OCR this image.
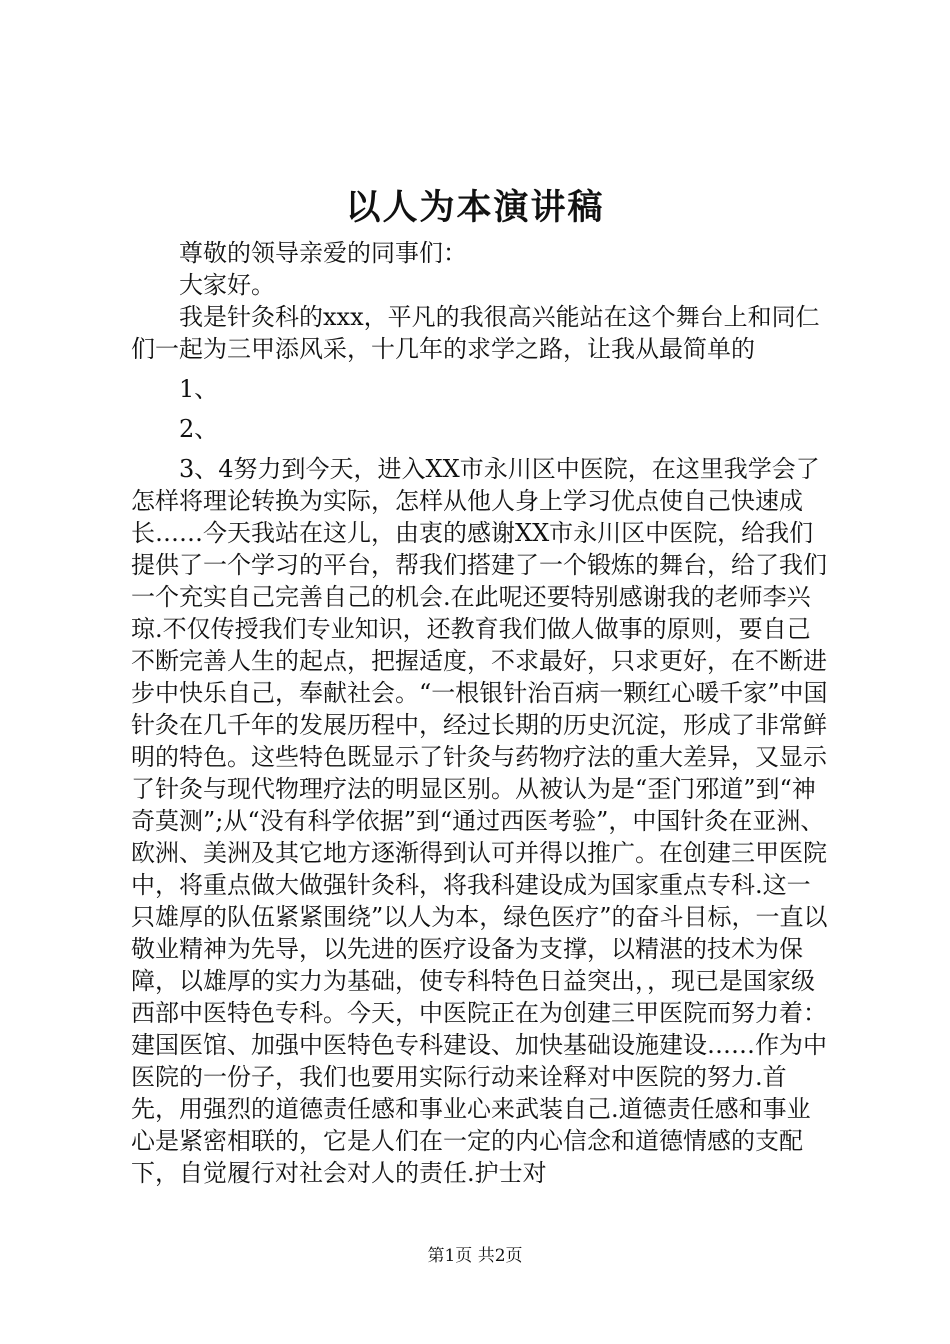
以人为本演讲稿

尊敬的领导亲爱的同事们：

大家好。

我是针灸科的xxx，平凡的我很高兴能站在这个舞台上和同仁们一起为三甲添风采，十几年的求学之路，让我从最简单的

1、

2、

3、4努力到今天，进入XX市永川区中医院，在这里我学会了怎样将理论转换为实际，怎样从他人身上学习优点使自己快速成长……今天我站在这儿，由衷的感谢XX市永川区中医院，给我们提供了一个学习的平台，帮我们搭建了一个锻炼的舞台，给了我们一个充实自己完善自己的机会.在此呢还要特别感谢我的老师李兴琼.不仅传授我们专业知识，还教育我们做人做事的原则，要自己不断完善人生的起点，把握适度，不求最好，只求更好，在不断进步中快乐自己，奉献社会。“一根银针治百病一颗红心暖千家”中国针灸在几千年的发展历程中，经过长期的历史沉淀，形成了非常鲜明的特色。这些特色既显示了针灸与药物疗法的重大差异，又显示了针灸与现代物理疗法的明显区别。从被认为是“歪门邪道”到“神奇莫测”;从“没有科学依据”到“通过西医考验”，中国针灸在亚洲、欧洲、美洲及其它地方逐渐得到认可并得以推广。在创建三甲医院中，将重点做大做强针灸科，将我科建设成为国家重点专科.这一只雄厚的队伍紧紧围绕”以人为本，绿色医疗”的奋斗目标，一直以敬业精神为先导，以先进的医疗设备为支撑，以精湛的技术为保障，以雄厚的实力为基础，使专科特色日益突出，，现已是国家级西部中医特色专科。今天，中医院正在为创建三甲医院而努力着：建国医馆、加强中医特色专科建设、加快基础设施建设……作为中医院的一份子，我们也要用实际行动来诠释对中医院的努力.首先，用强烈的道德责任感和事业心来武装自己.道德责任感和事业心是紧密相联的，它是人们在一定的内心信念和道德情感的支配下，自觉履行对社会对人的责任.护士对

第1页 共2页
